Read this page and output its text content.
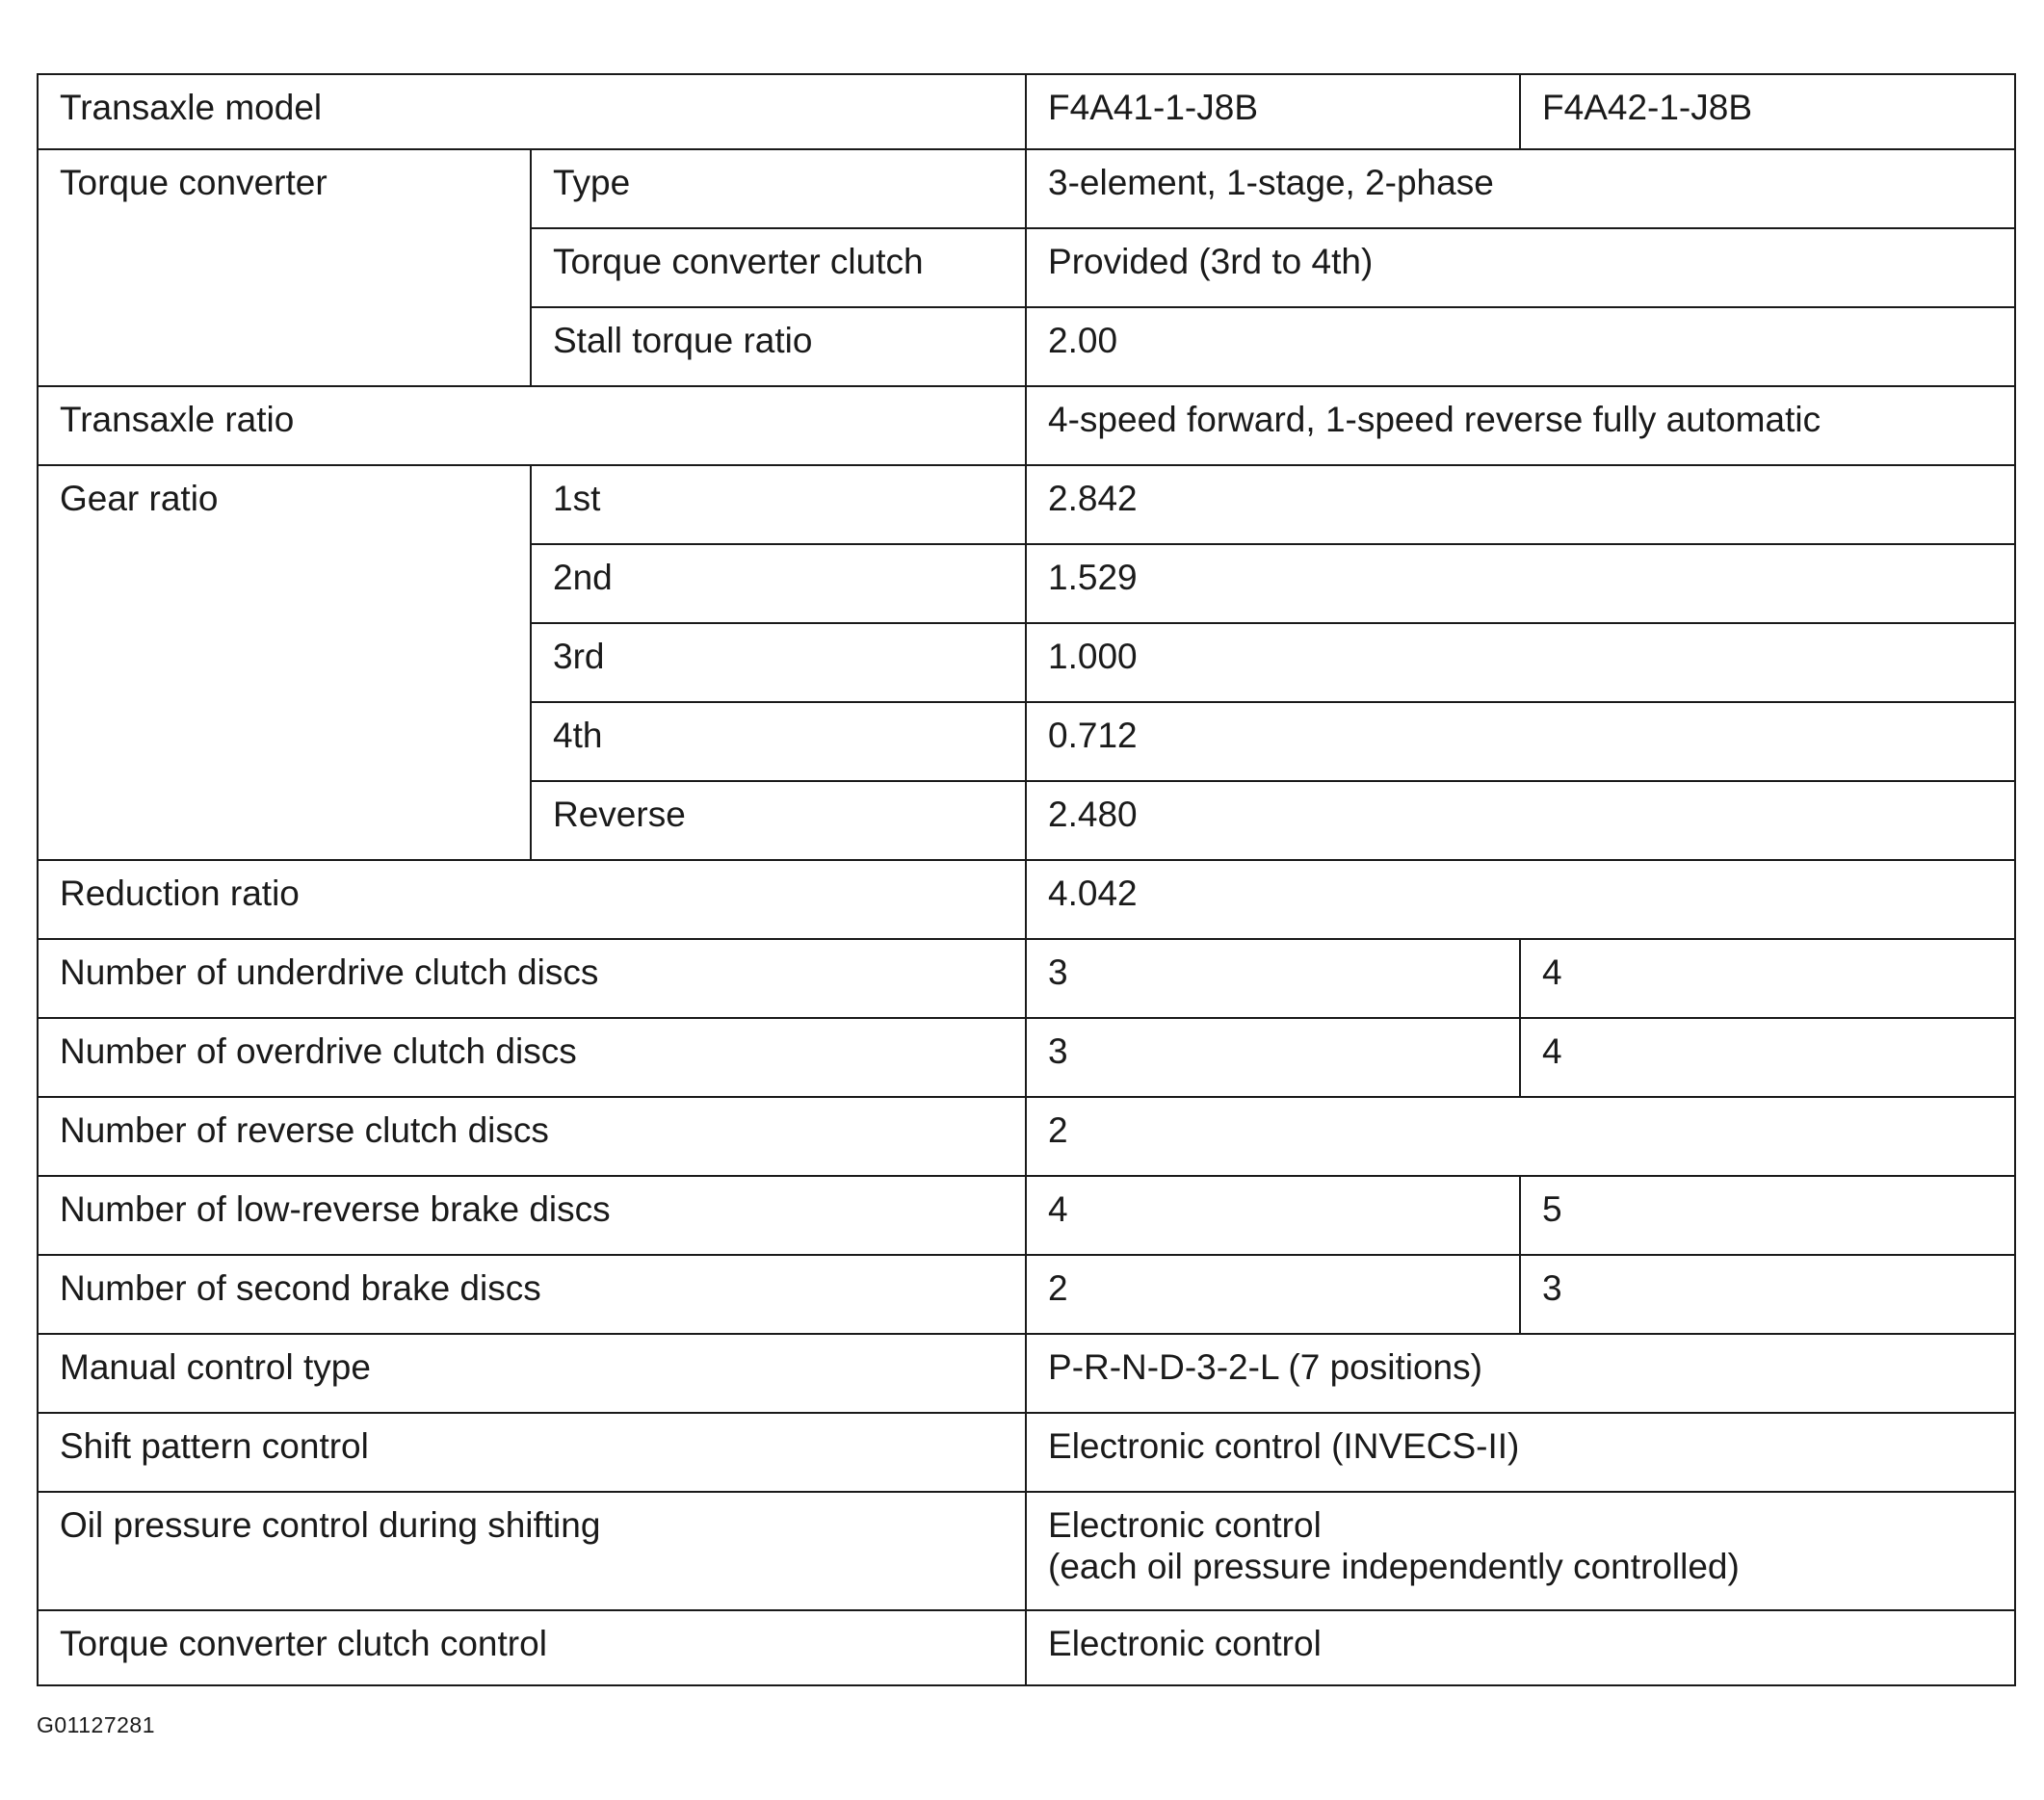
Transaxle model		F4A41-1-J8B	F4A42-1-J8B
Torque converter	Type	3-element, 1-stage, 2-phase	
	Torque converter clutch	Provided (3rd to 4th)	
	Stall torque ratio	2.00	
Transaxle ratio		4-speed forward, 1-speed reverse fully automatic	
Gear ratio	1st	2.842	
	2nd	1.529	
	3rd	1.000	
	4th	0.712	
	Reverse	2.480	
Reduction ratio		4.042	
Number of underdrive clutch discs		3	4
Number of overdrive clutch discs		3	4
Number of reverse clutch discs		2	
Number of low-reverse brake discs		4	5
Number of second brake discs		2	3
Manual control type		P-R-N-D-3-2-L (7 positions)	
Shift pattern control		Electronic control (INVECS-II)	
Oil pressure control during shifting		Electronic control
(each oil pressure independently controlled)	
Torque converter clutch control		Electronic control	
G01127281
